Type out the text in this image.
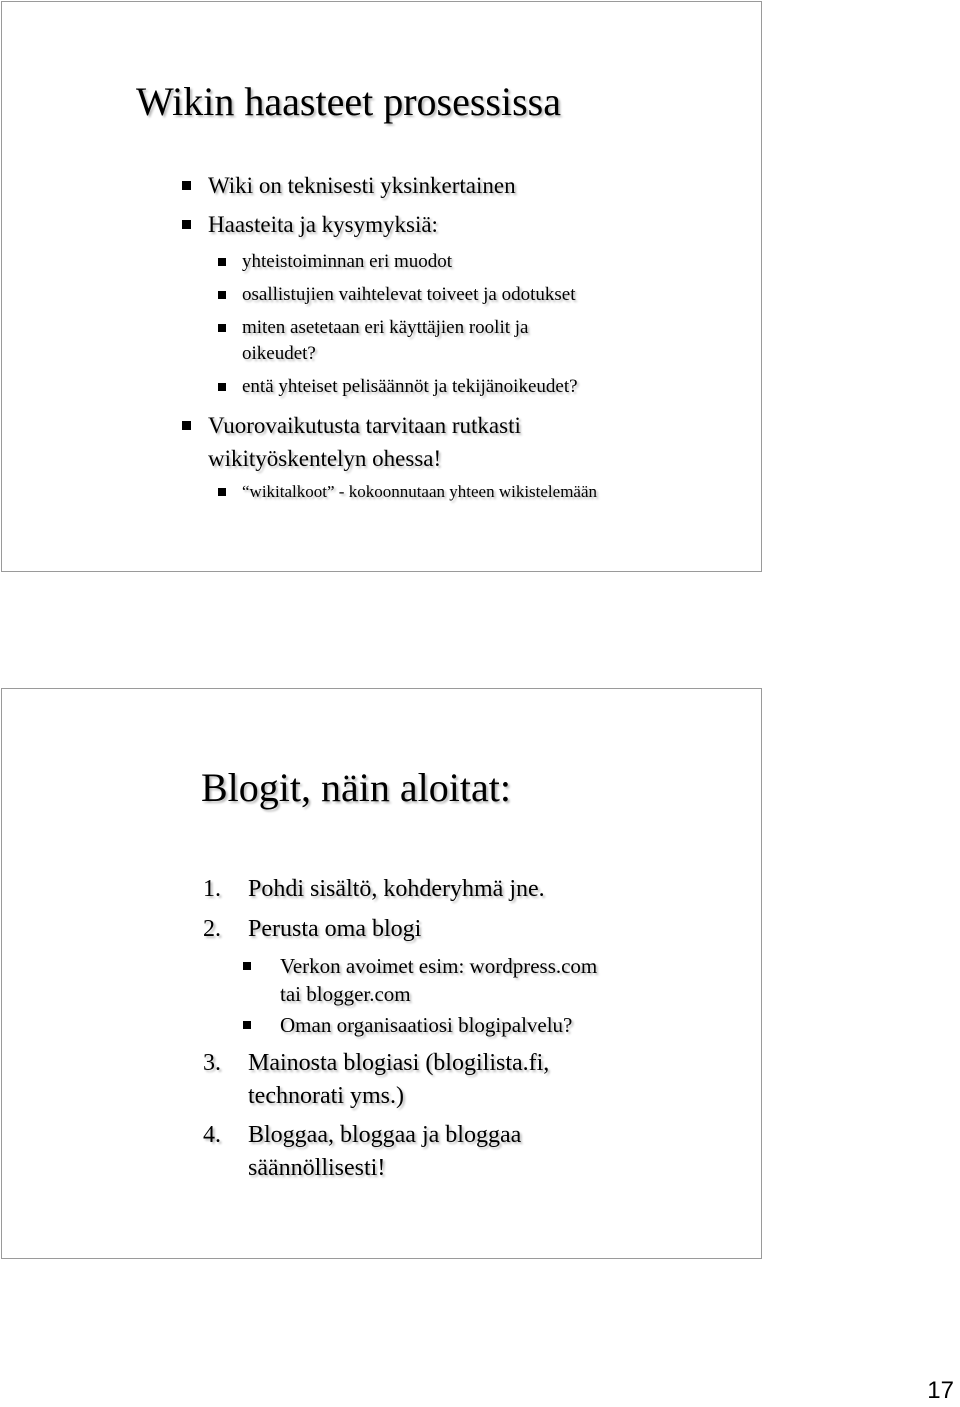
Wikin haasteet prosessissa
Wiki on teknisesti yksinkertainen
Haasteita ja kysymyksiä:
yhteistoiminnan eri muodot
osallistujien vaihtelevat toiveet ja odotukset
miten asetetaan eri käyttäjien roolit ja
oikeudet?
entä yhteiset pelisäännöt ja tekijänoikeudet?
Vuorovaikutusta tarvitaan rutkasti
wikityöskentelyn ohessa!
“wikitalkoot” - kokoonnutaan yhteen wikistelemään
Blogit, näin aloitat:
1. Pohdi sisältö, kohderyhmä jne.
2. Perusta oma blogi
Verkon avoimet esim: wordpress.com
tai blogger.com
Oman organisaatiosi blogipalvelu?
3. Mainosta blogiasi (blogilista.fi,
technorati yms.)
4. Bloggaa, bloggaa ja bloggaa
säännöllisesti!
17
